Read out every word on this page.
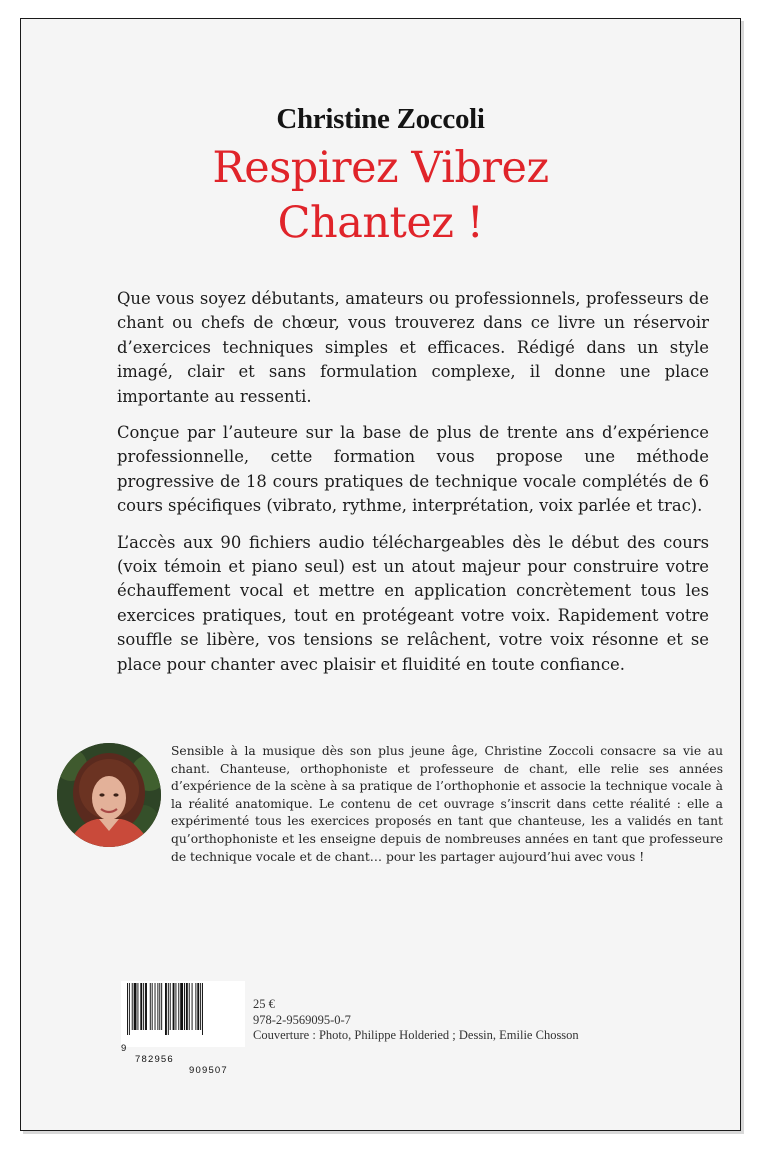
Christine Zoccoli
Respirez Vibrez
Chantez !

Que vous soyez débutants, amateurs ou professionnels, professeurs de chant ou chefs de chœur, vous trouverez dans ce livre un réservoir d’exercices techniques simples et efficaces. Rédigé dans un style imagé, clair et sans formulation complexe, il donne une place importante au ressenti.

Conçue par l’auteure sur la base de plus de trente ans d’expérience professionnelle, cette formation vous propose une méthode progressive de 18 cours pratiques de technique vocale complétés de 6 cours spécifiques (vibrato, rythme, interprétation, voix parlée et trac).

L’accès aux 90 fichiers audio téléchargeables dès le début des cours (voix témoin et piano seul) est un atout majeur pour construire votre échauffement vocal et mettre en application concrètement tous les exercices pratiques, tout en protégeant votre voix. Rapidement votre souffle se libère, vos tensions se relâchent, votre voix résonne et se place pour chanter avec plaisir et fluidité en toute confiance.

Sensible à la musique dès son plus jeune âge, Christine Zoccoli consacre sa vie au chant. Chanteuse, orthophoniste et professeure de chant, elle relie ses années d’expérience de la scène à sa pratique de l’orthophonie et associe la technique vocale à la réalité anatomique. Le contenu de cet ouvrage s’inscrit dans cette réalité : elle a expérimenté tous les exercices proposés en tant que chanteuse, les a validés en tant qu’orthophoniste et les enseigne depuis de nombreuses années en tant que professeure de technique vocale et de chant… pour les partager aujourd’hui avec vous !

9

782956

909507

25 €
978-2-9569095-0-7
Couverture : Photo, Philippe Holderied ; Dessin, Emilie Chosson
